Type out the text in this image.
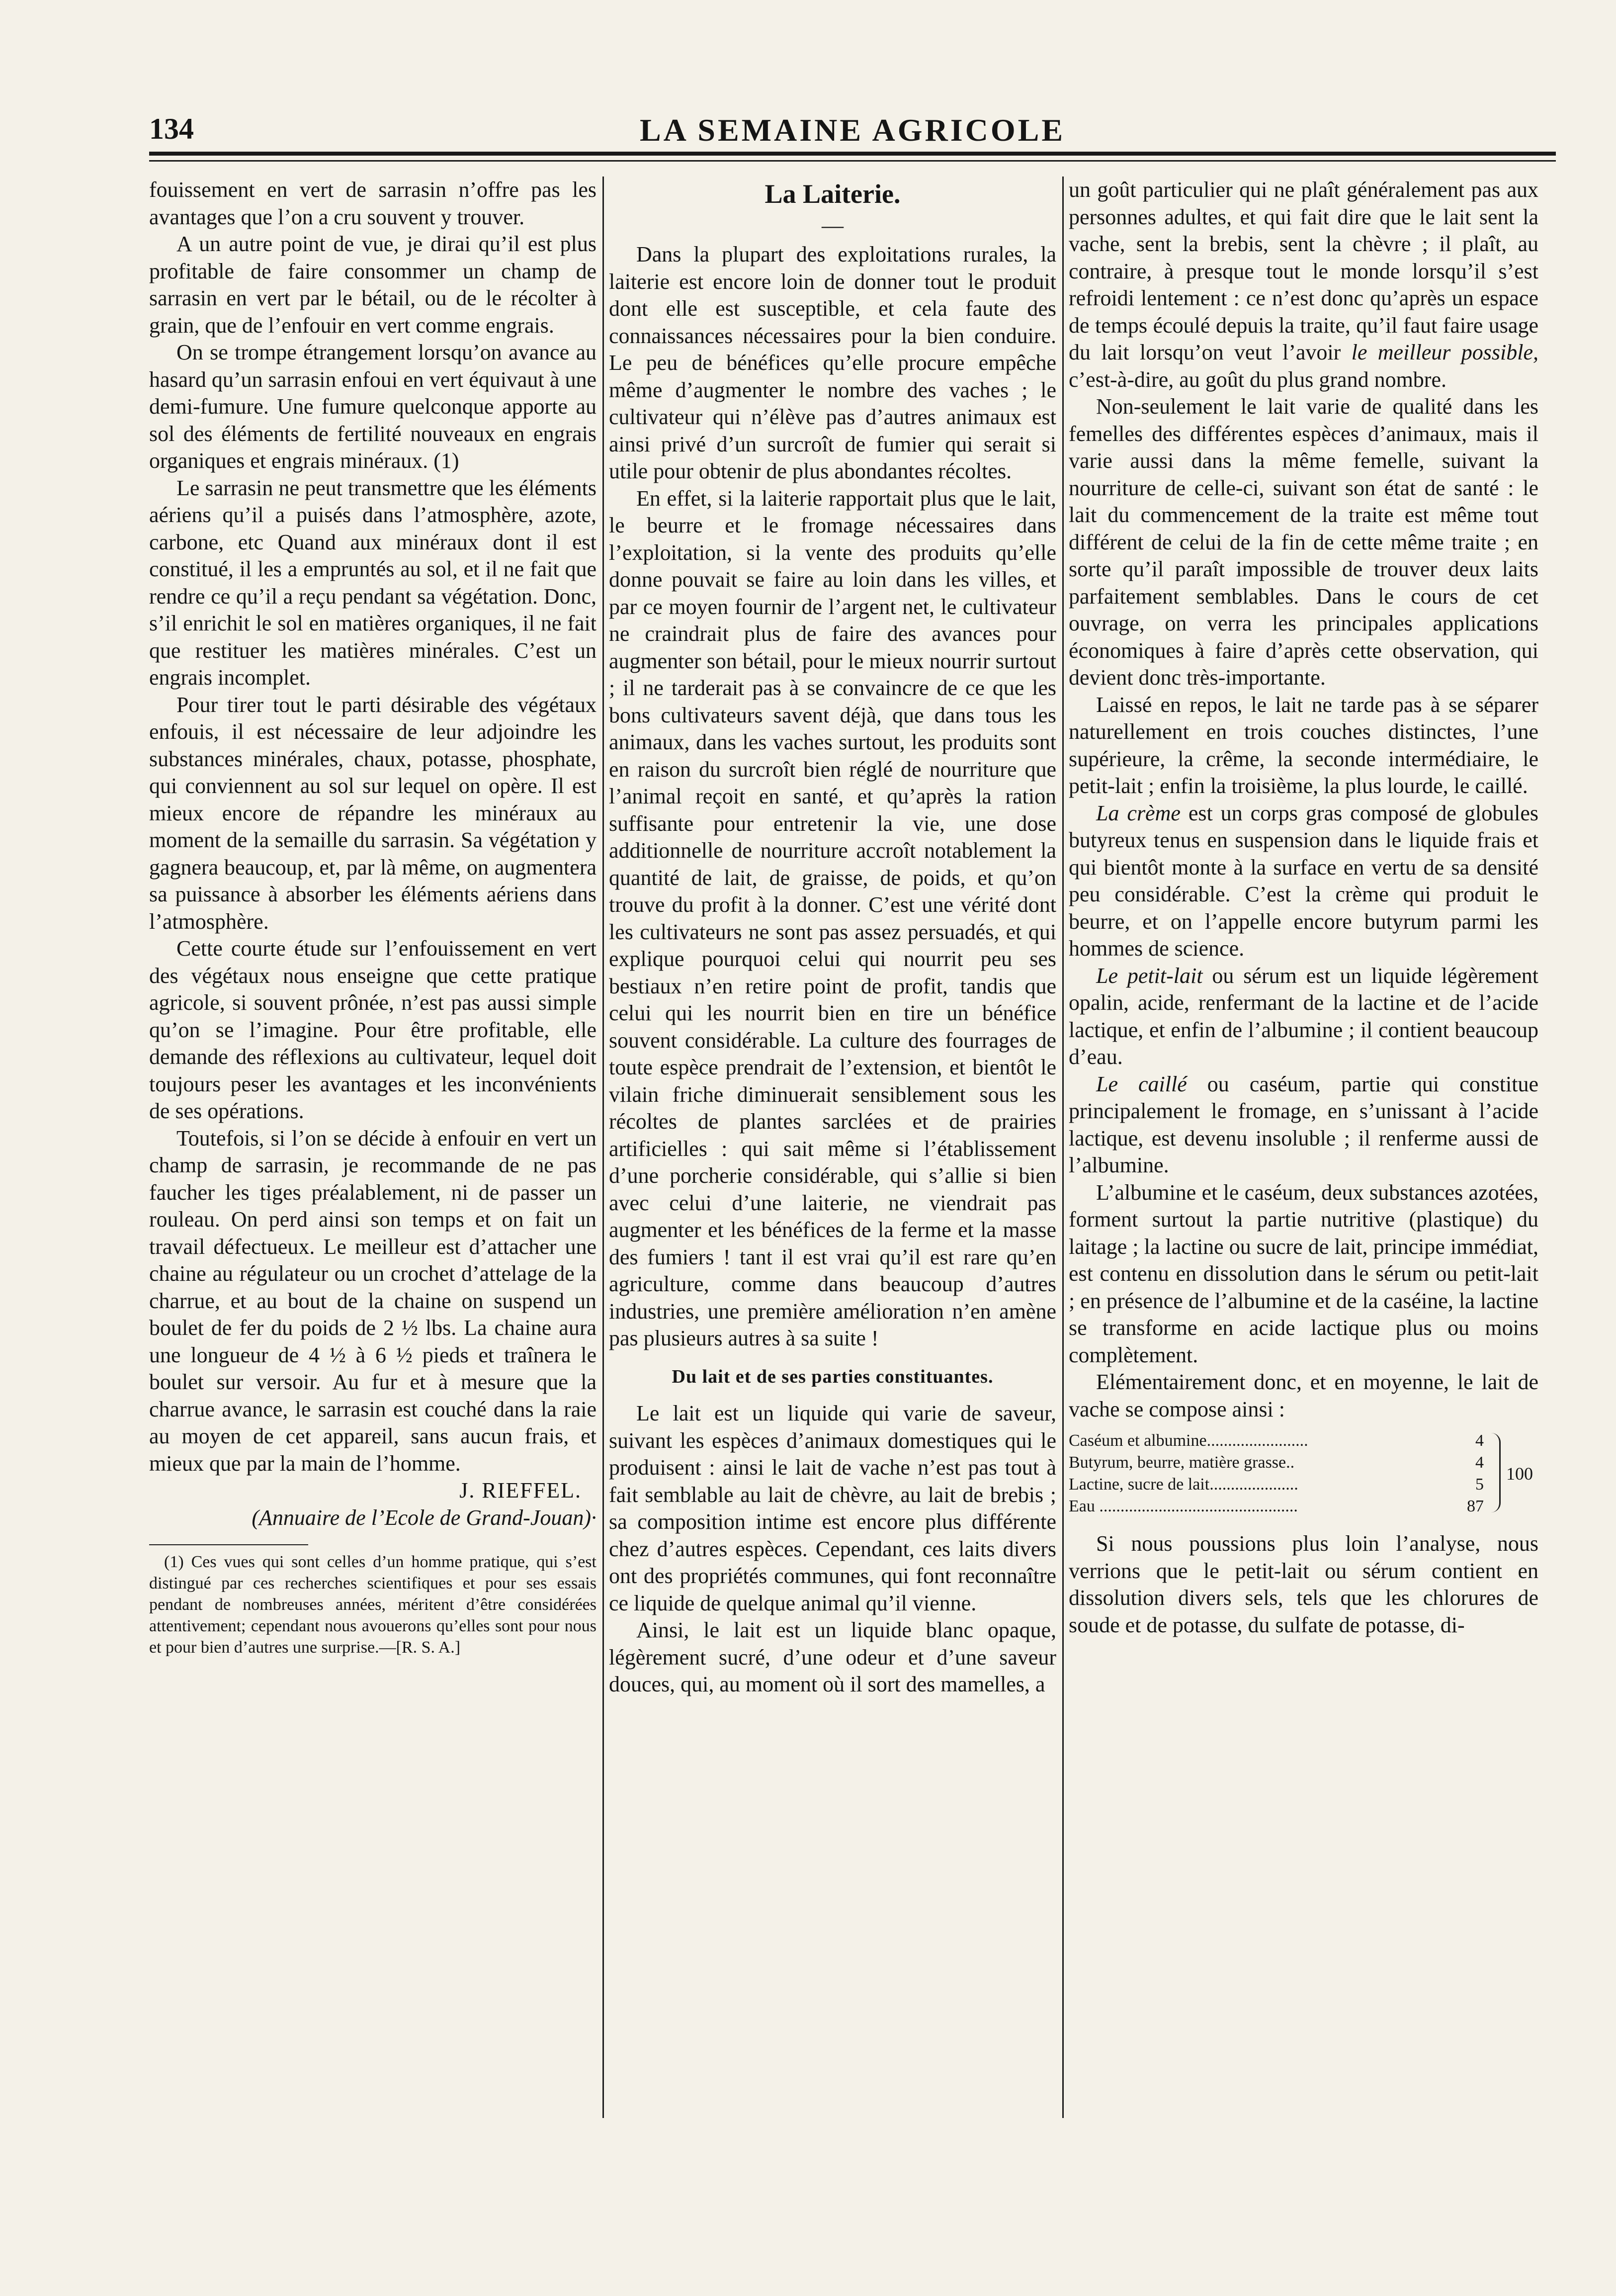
134	LA SEMAINE AGRICOLE

fouissement en vert de sarrasin n’offre pas les avantages que l’on a cru souvent y trouver.

A un autre point de vue, je dirai qu’il est plus profitable de faire consommer un champ de sarrasin en vert par le bétail, ou de le récolter à grain, que de l’enfouir en vert comme engrais.

On se trompe étrangement lorsqu’on avance au hasard qu’un sarrasin enfoui en vert équivaut à une demi-fumure. Une fumure quelconque apporte au sol des éléments de fertilité nouveaux en engrais organiques et engrais minéraux. (1)

Le sarrasin ne peut transmettre que les éléments aériens qu’il a puisés dans l’atmosphère, azote, carbone, etc Quand aux minéraux dont il est constitué, il les a empruntés au sol, et il ne fait que rendre ce qu’il a reçu pendant sa végétation. Donc, s’il enrichit le sol en matières organiques, il ne fait que restituer les matières minérales. C’est un engrais incomplet.

Pour tirer tout le parti désirable des végétaux enfouis, il est nécessaire de leur adjoindre les substances minérales, chaux, potasse, phosphate, qui conviennent au sol sur lequel on opère. Il est mieux encore de répandre les minéraux au moment de la semaille du sarrasin. Sa végétation y gagnera beaucoup, et, par là même, on augmentera sa puissance à absorber les éléments aériens dans l’atmosphère.

Cette courte étude sur l’enfouissement en vert des végétaux nous enseigne que cette pratique agricole, si souvent prônée, n’est pas aussi simple qu’on se l’imagine. Pour être profitable, elle demande des réflexions au cultivateur, lequel doit toujours peser les avantages et les inconvénients de ses opérations.

Toutefois, si l’on se décide à enfouir en vert un champ de sarrasin, je recommande de ne pas faucher les tiges préalablement, ni de passer un rouleau. On perd ainsi son temps et on fait un travail défectueux. Le meilleur est d’attacher une chaine au régulateur ou un crochet d’attelage de la charrue, et au bout de la chaine on suspend un boulet de fer du poids de 2 ½ lbs. La chaine aura une longueur de 4 ½ à 6 ½ pieds et traînera le boulet sur versoir. Au fur et à mesure que la charrue avance, le sarrasin est couché dans la raie au moyen de cet appareil, sans aucun frais, et mieux que par la main de l’homme.

J. RIEFFEL.

(Annuaire de l’Ecole de Grand-Jouan)·

(1) Ces vues qui sont celles d’un homme pratique, qui s’est distingué par ces recherches scientifiques et pour ses essais pendant de nombreuses années, méritent d’être considérées attentivement; cependant nous avouerons qu’elles sont pour nous et pour bien d’autres une surprise.—[R. S. A.]

La Laiterie.
—

Dans la plupart des exploitations rurales, la laiterie est encore loin de donner tout le produit dont elle est susceptible, et cela faute des connaissances nécessaires pour la bien conduire. Le peu de bénéfices qu’elle procure empêche même d’augmenter le nombre des vaches ; le cultivateur qui n’élève pas d’autres animaux est ainsi privé d’un surcroît de fumier qui serait si utile pour obtenir de plus abondantes récoltes.

En effet, si la laiterie rapportait plus que le lait, le beurre et le fromage nécessaires dans l’exploitation, si la vente des produits qu’elle donne pouvait se faire au loin dans les villes, et par ce moyen fournir de l’argent net, le cultivateur ne craindrait plus de faire des avances pour augmenter son bétail, pour le mieux nourrir surtout ; il ne tarderait pas à se convaincre de ce que les bons cultivateurs savent déjà, que dans tous les animaux, dans les vaches surtout, les produits sont en raison du surcroît bien réglé de nourriture que l’animal reçoit en santé, et qu’après la ration suffisante pour entretenir la vie, une dose additionnelle de nourriture accroît notablement la quantité de lait, de graisse, de poids, et qu’on trouve du profit à la donner. C’est une vérité dont les cultivateurs ne sont pas assez persuadés, et qui explique pourquoi celui qui nourrit peu ses bestiaux n’en retire point de profit, tandis que celui qui les nourrit bien en tire un bénéfice souvent considérable. La culture des fourrages de toute espèce prendrait de l’extension, et bientôt le vilain friche diminuerait sensiblement sous les récoltes de plantes sarclées et de prairies artificielles : qui sait même si l’établissement d’une porcherie considérable, qui s’allie si bien avec celui d’une laiterie, ne viendrait pas augmenter et les bénéfices de la ferme et la masse des fumiers ! tant il est vrai qu’il est rare qu’en agriculture, comme dans beaucoup d’autres industries, une première amélioration n’en amène pas plusieurs autres à sa suite !

Du lait et de ses parties constituantes.

Le lait est un liquide qui varie de saveur, suivant les espèces d’animaux domestiques qui le produisent : ainsi le lait de vache n’est pas tout à fait semblable au lait de chèvre, au lait de brebis ; sa composition intime est encore plus différente chez d’autres espèces. Cependant, ces laits divers ont des propriétés communes, qui font reconnaître ce liquide de quelque animal qu’il vienne.

Ainsi, le lait est un liquide blanc opaque, légèrement sucré, d’une odeur et d’une saveur douces, qui, au moment où il sort des mamelles, a

un goût particulier qui ne plaît généralement pas aux personnes adultes, et qui fait dire que le lait sent la vache, sent la brebis, sent la chèvre ; il plaît, au contraire, à presque tout le monde lorsqu’il s’est refroidi lentement : ce n’est donc qu’après un espace de temps écoulé depuis la traite, qu’il faut faire usage du lait lorsqu’on veut l’avoir le meilleur possible, c’est-à-dire, au goût du plus grand nombre.

Non-seulement le lait varie de qualité dans les femelles des différentes espèces d’animaux, mais il varie aussi dans la même femelle, suivant la nourriture de celle-ci, suivant son état de santé : le lait du commencement de la traite est même tout différent de celui de la fin de cette même traite ; en sorte qu’il paraît impossible de trouver deux laits parfaitement semblables. Dans le cours de cet ouvrage, on verra les principales applications économiques à faire d’après cette observation, qui devient donc très-importante.

Laissé en repos, le lait ne tarde pas à se séparer naturellement en trois couches distinctes, l’une supérieure, la crême, la seconde intermédiaire, le petit-lait ; enfin la troisième, la plus lourde, le caillé.

La crème est un corps gras composé de globules butyreux tenus en suspension dans le liquide frais et qui bientôt monte à la surface en vertu de sa densité peu considérable. C’est la crème qui produit le beurre, et on l’appelle encore butyrum parmi les hommes de science.

Le petit-lait ou sérum est un liquide légèrement opalin, acide, renfermant de la lactine et de l’acide lactique, et enfin de l’albumine ; il contient beaucoup d’eau.

Le caillé ou caséum, partie qui constitue principalement le fromage, en s’unissant à l’acide lactique, est devenu insoluble ; il renferme aussi de l’albumine.

L’albumine et le caséum, deux substances azotées, forment surtout la partie nutritive (plastique) du laitage ; la lactine ou sucre de lait, principe immédiat, est contenu en dissolution dans le sérum ou petit-lait ; en présence de l’albumine et de la caséine, la lactine se transforme en acide lactique plus ou moins complètement.

Elémentairement donc, et en moyenne, le lait de vache se compose ainsi :

Caséum et albumine........................	4
Butyrum, beurre, matière grasse..	4
Lactine, sucre de lait.....................	5
Eau ...............................................	87
100

Si nous poussions plus loin l’analyse, nous verrions que le petit-lait ou sérum contient en dissolution divers sels, tels que les chlorures de soude et de potasse, du sulfate de potasse, di-
